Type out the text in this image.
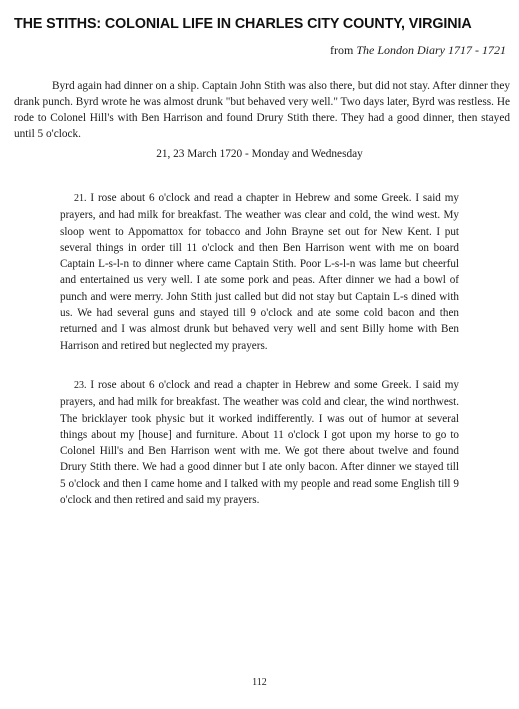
THE STITHS: COLONIAL LIFE IN CHARLES CITY COUNTY, VIRGINIA
from The London Diary 1717 - 1721

Byrd again had dinner on a ship. Captain John Stith was also there, but did not stay. After dinner they drank punch. Byrd wrote he was almost drunk "but behaved very well." Two days later, Byrd was restless. He rode to Colonel Hill's with Ben Harrison and found Drury Stith there. They had a good dinner, then stayed until 5 o'clock.

21, 23 March 1720 - Monday and Wednesday

21. I rose about 6 o'clock and read a chapter in Hebrew and some Greek. I said my prayers, and had milk for breakfast. The weather was clear and cold, the wind west. My sloop went to Appomattox for tobacco and John Brayne set out for New Kent. I put several things in order till 11 o'clock and then Ben Harrison went with me on board Captain L-s-l-n to dinner where came Captain Stith. Poor L-s-l-n was lame but cheerful and entertained us very well. I ate some pork and peas. After dinner we had a bowl of punch and were merry. John Stith just called but did not stay but Captain L-s dined with us. We had several guns and stayed till 9 o'clock and ate some cold bacon and then returned and I was almost drunk but behaved very well and sent Billy home with Ben Harrison and retired but neglected my prayers.

23. I rose about 6 o'clock and read a chapter in Hebrew and some Greek. I said my prayers, and had milk for breakfast. The weather was cold and clear, the wind northwest. The bricklayer took physic but it worked indifferently. I was out of humor at several things about my [house] and furniture. About 11 o'clock I got upon my horse to go to Colonel Hill's and Ben Harrison went with me. We got there about twelve and found Drury Stith there. We had a good dinner but I ate only bacon. After dinner we stayed till 5 o'clock and then I came home and I talked with my people and read some English till 9 o'clock and then retired and said my prayers.

112
